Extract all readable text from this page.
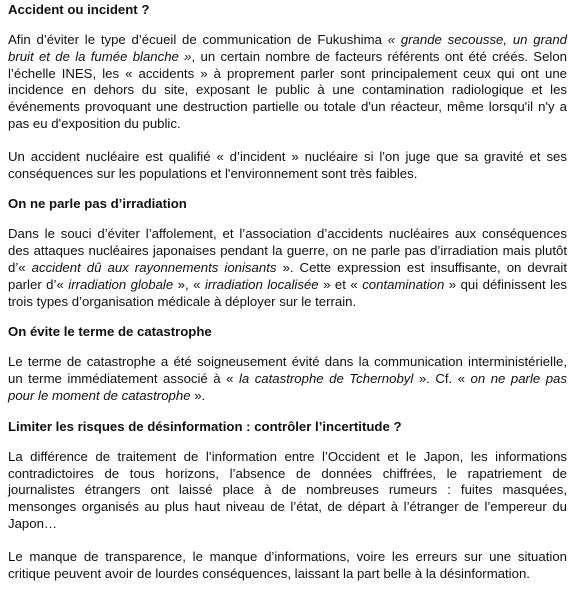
Accident ou incident ?

Afin d’éviter le type d’écueil de communication de Fukushima « grande secousse, un grand bruit et de la fumée blanche », un certain nombre de facteurs référents ont été créés. Selon l’échelle INES, les « accidents » à proprement parler sont principalement ceux qui ont une incidence en dehors du site, exposant le public à une contamination radiologique et les événements provoquant une destruction partielle ou totale d'un réacteur, même lorsqu'il n'y a pas eu d'exposition du public.

Un accident nucléaire est qualifié « d’incident » nucléaire si l'on juge que sa gravité et ses conséquences sur les populations et l'environnement sont très faibles.

On ne parle pas d’irradiation

Dans le souci d’éviter l’affolement, et l’association d’accidents nucléaires aux conséquences des attaques nucléaires japonaises pendant la guerre, on ne parle pas d’irradiation mais plutôt d’« accident dû aux rayonnements ionisants ». Cette expression est insuffisante, on devrait parler d’« irradiation globale », « irradiation localisée » et « contamination » qui définissent les trois types d’organisation médicale à déployer sur le terrain.

On évite le terme de catastrophe

Le terme de catastrophe a été soigneusement évité dans la communication interministérielle, un terme immédiatement associé à « la catastrophe de Tchernobyl ». Cf. « on ne parle pas pour le moment de catastrophe ».

Limiter les risques de désinformation : contrôler l’incertitude ?

La différence de traitement de l’information entre l’Occident et le Japon, les informations contradictoires de tous horizons, l’absence de données chiffrées, le rapatriement de journalistes étrangers ont laissé place à de nombreuses rumeurs : fuites masquées, mensonges organisés au plus haut niveau de l’état, de départ à l’étranger de l’empereur du Japon…

Le manque de transparence, le manque d’informations, voire les erreurs sur une situation critique peuvent avoir de lourdes conséquences, laissant la part belle à la désinformation.
